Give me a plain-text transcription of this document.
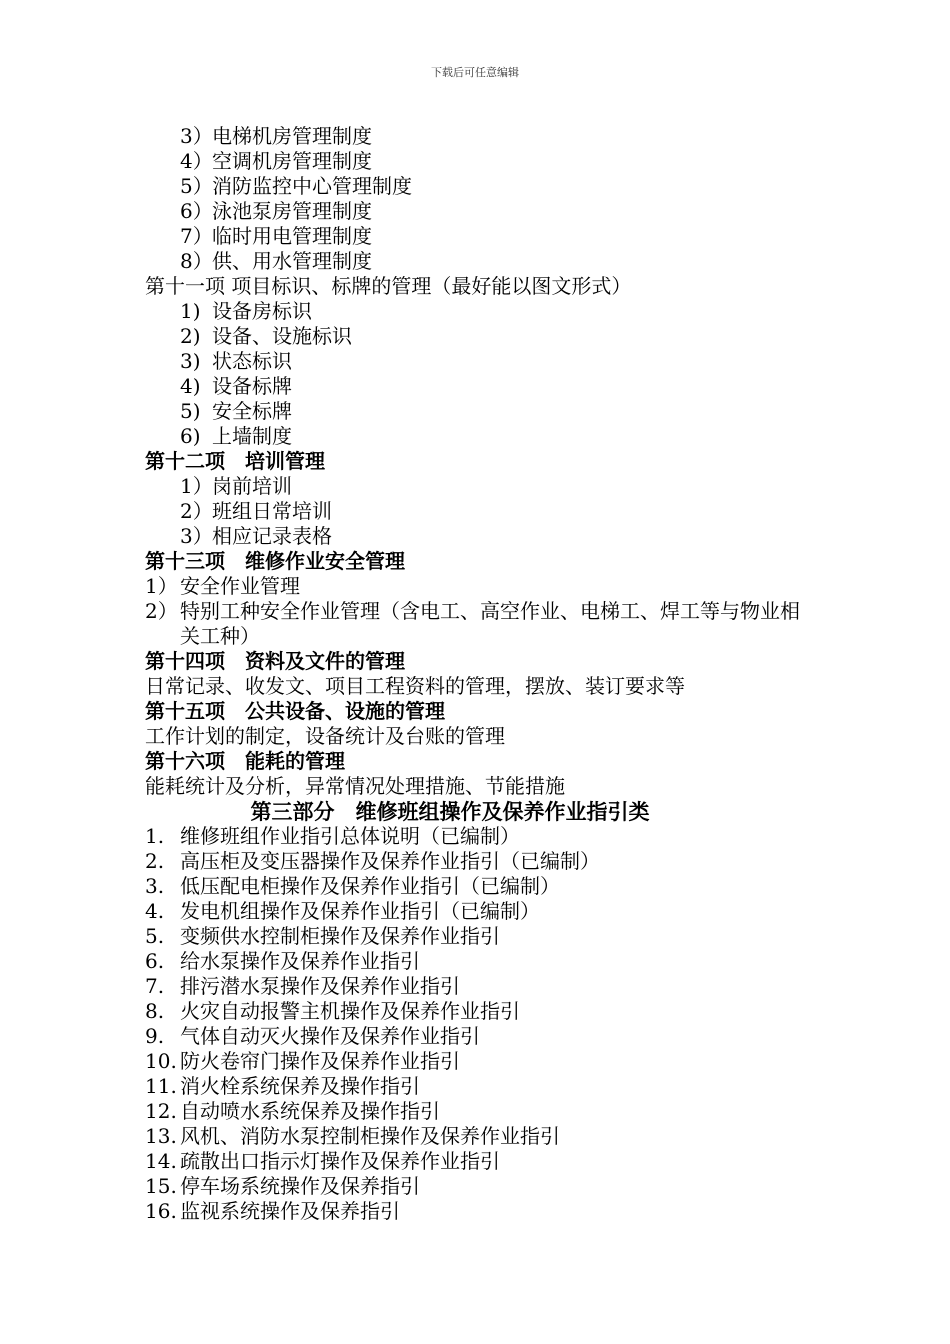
下载后可任意编辑
3） 电梯机房管理制度
4） 空调机房管理制度
5） 消防监控中心管理制度
6） 泳池泵房管理制度
7） 临时用电管理制度
8） 供、用水管理制度
第十一项 项目标识、标牌的管理（最好能以图文形式）
1) 设备房标识
2) 设备、设施标识
3) 状态标识
4) 设备标牌
5) 安全标牌
6) 上墙制度
第十二项　培训管理
1） 岗前培训
2） 班组日常培训
3） 相应记录表格
第十三项　维修作业安全管理
1） 安全作业管理
2） 特别工种安全作业管理（含电工、高空作业、电梯工、焊工等与物业相关工种）
第十四项　资料及文件的管理
日常记录、收发文、项目工程资料的管理，摆放、装订要求等
第十五项　公共设备、设施的管理
工作计划的制定，设备统计及台账的管理
第十六项　能耗的管理
能耗统计及分析，异常情况处理措施、节能措施
第三部分　维修班组操作及保养作业指引类
1. 维修班组作业指引总体说明（已编制）
2. 高压柜及变压器操作及保养作业指引（已编制）
3. 低压配电柜操作及保养作业指引（已编制）
4. 发电机组操作及保养作业指引（已编制）
5. 变频供水控制柜操作及保养作业指引
6. 给水泵操作及保养作业指引
7. 排污潜水泵操作及保养作业指引
8. 火灾自动报警主机操作及保养作业指引
9. 气体自动灭火操作及保养作业指引
10. 防火卷帘门操作及保养作业指引
11. 消火栓系统保养及操作指引
12. 自动喷水系统保养及操作指引
13. 风机、消防水泵控制柜操作及保养作业指引
14. 疏散出口指示灯操作及保养作业指引
15. 停车场系统操作及保养指引
16. 监视系统操作及保养指引
